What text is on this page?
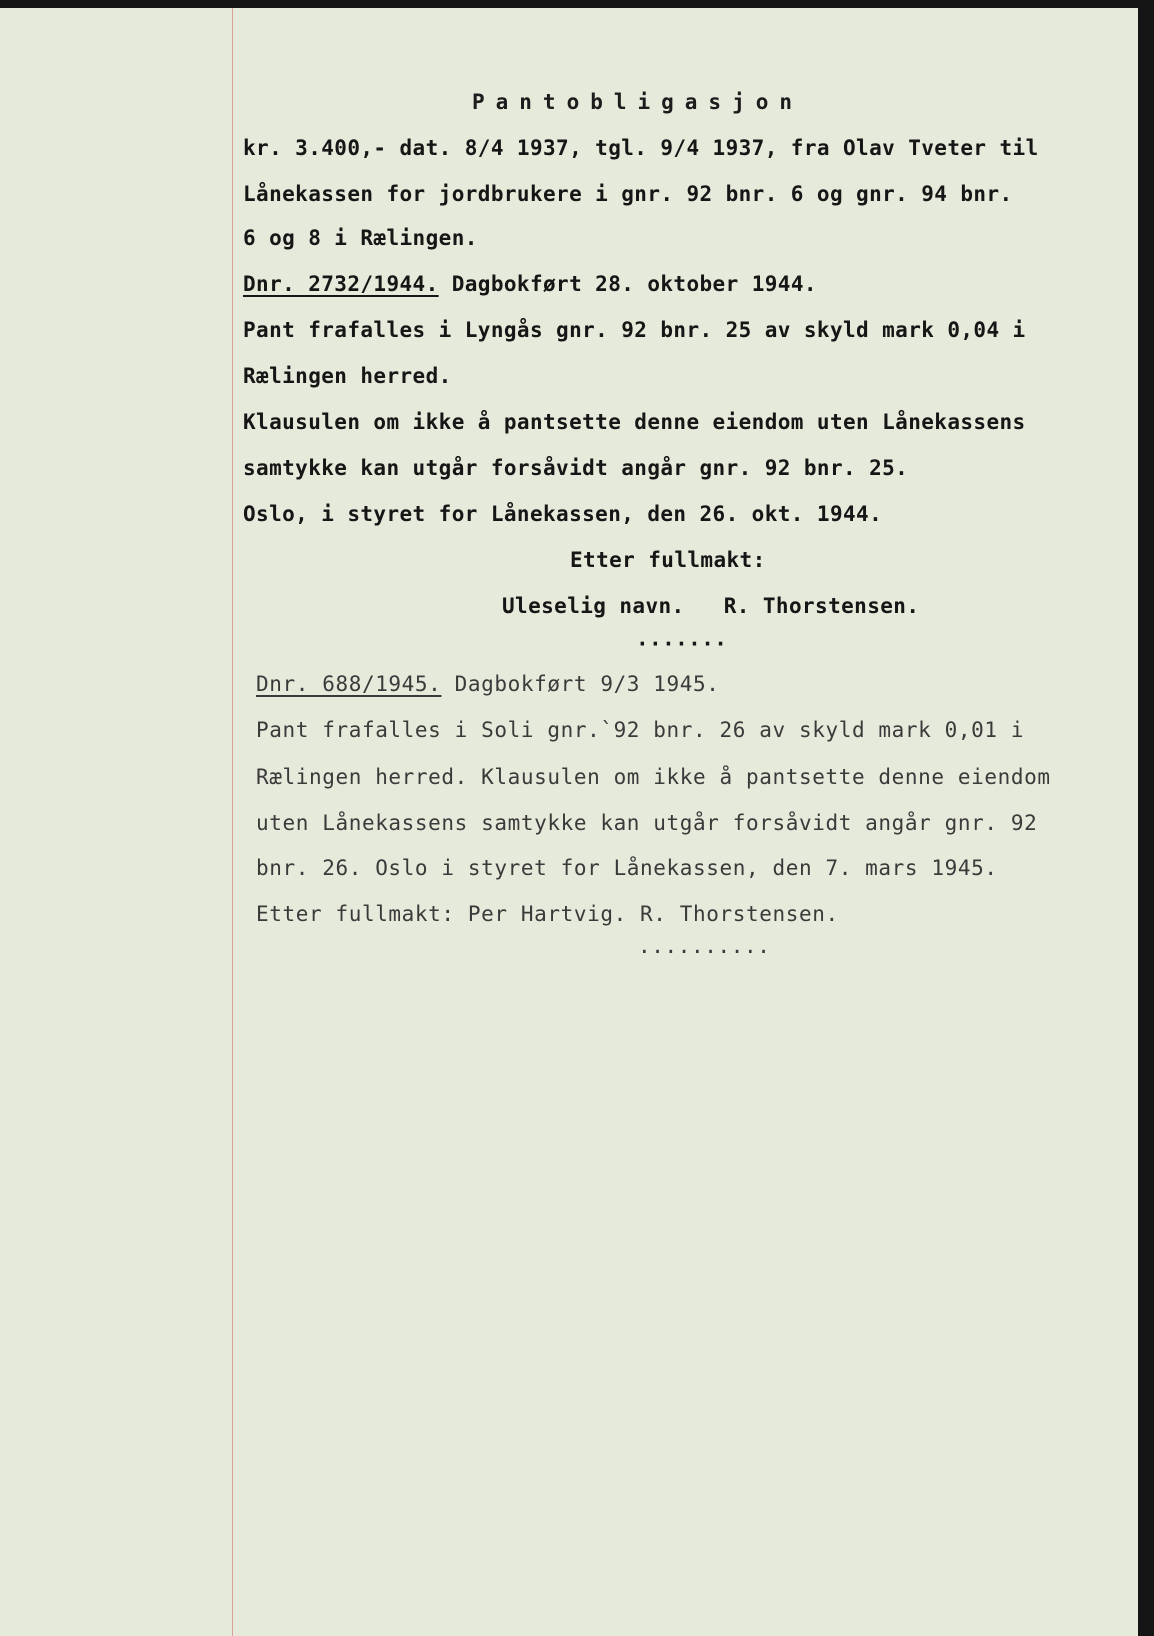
Pantobligasjon
kr. 3.400,- dat. 8/4 1937, tgl. 9/4 1937, fra Olav Tveter til
Lånekassen for jordbrukere i gnr. 92 bnr. 6 og gnr. 94 bnr.
6 og 8 i Rælingen.
Dnr. 2732/1944. Dagbokført 28. oktober 1944.
Pant frafalles i Lyngås gnr. 92 bnr. 25 av skyld mark 0,04 i
Rælingen herred.
Klausulen om ikke å pantsette denne eiendom uten Lånekassens
samtykke kan utgår forsåvidt angår gnr. 92 bnr. 25.
Oslo, i styret for Lånekassen, den 26. okt. 1944.
Etter fullmakt:
Uleselig navn.   R. Thorstensen.
·······
Dnr. 688/1945. Dagbokført 9/3 1945.
Pant frafalles i Soli gnr.`92 bnr. 26 av skyld mark 0,01 i
Rælingen herred. Klausulen om ikke å pantsette denne eiendom
uten Lånekassens samtykke kan utgår forsåvidt angår gnr. 92
bnr. 26. Oslo i styret for Lånekassen, den 7. mars 1945.
Etter fullmakt: Per Hartvig. R. Thorstensen.
··········
